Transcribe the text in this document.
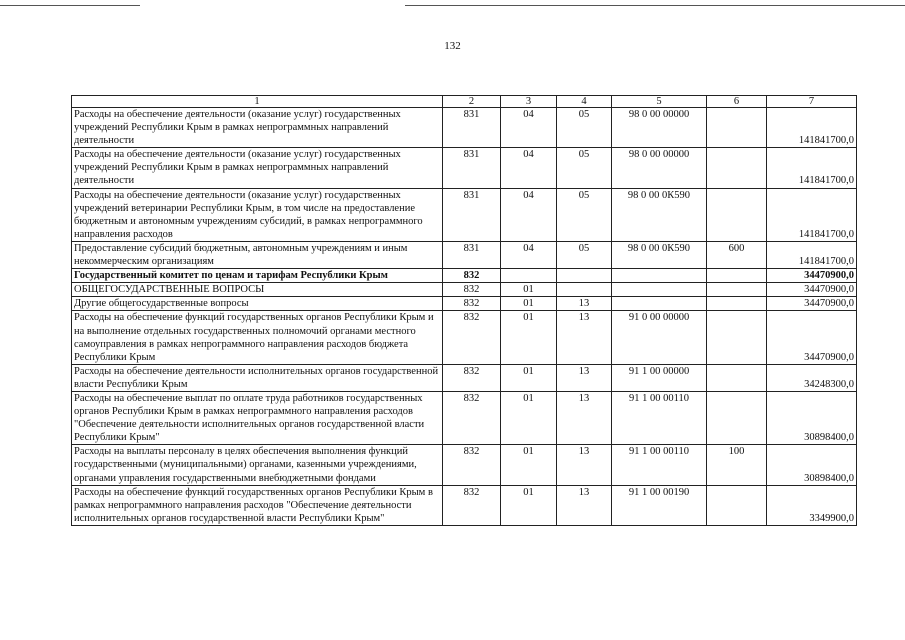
132
1	2	3	4	5	6	7
Расходы на обеспечение деятельности (оказание услуг) государственных учреждений Республики Крым в рамках непрограммных направлений деятельности	831	04	05	98 0 00 00000		141841700,0
Расходы на обеспечение деятельности (оказание услуг) государственных учреждений Республики Крым в рамках непрограммных направлений деятельности	831	04	05	98 0 00 00000		141841700,0
Расходы на обеспечение деятельности (оказание услуг) государственных учреждений ветеринарии Республики Крым, в том числе на предоставление бюджетным и автономным учреждениям субсидий, в рамках непрограммного направления расходов	831	04	05	98 0 00 0К590		141841700,0
Предоставление субсидий бюджетным, автономным учреждениям и иным некоммерческим организациям	831	04	05	98 0 00 0К590	600	141841700,0
Государственный комитет по ценам и тарифам Республики Крым	832					34470900,0
ОБЩЕГОСУДАРСТВЕННЫЕ ВОПРОСЫ	832	01				34470900,0
Другие общегосударственные вопросы	832	01	13			34470900,0
Расходы на обеспечение функций государственных органов Республики Крым и на выполнение отдельных государственных полномочий органами местного самоуправления в рамках непрограммного направления расходов бюджета Республики Крым	832	01	13	91 0 00 00000		34470900,0
Расходы на обеспечение деятельности исполнительных органов государственной власти Республики Крым	832	01	13	91 1 00 00000		34248300,0
Расходы на обеспечение выплат по оплате труда работников государственных органов Республики Крым в рамках непрограммного направления расходов "Обеспечение деятельности исполнительных органов государственной власти Республики Крым"	832	01	13	91 1 00 00110		30898400,0
Расходы на выплаты персоналу в целях обеспечения выполнения функций государственными (муниципальными) органами, казенными учреждениями, органами управления государственными внебюджетными фондами	832	01	13	91 1 00 00110	100	30898400,0
Расходы на обеспечение функций государственных органов Республики Крым в рамках непрограммного направления расходов "Обеспечение деятельности исполнительных органов государственной власти Республики Крым"	832	01	13	91 1 00 00190		3349900,0
